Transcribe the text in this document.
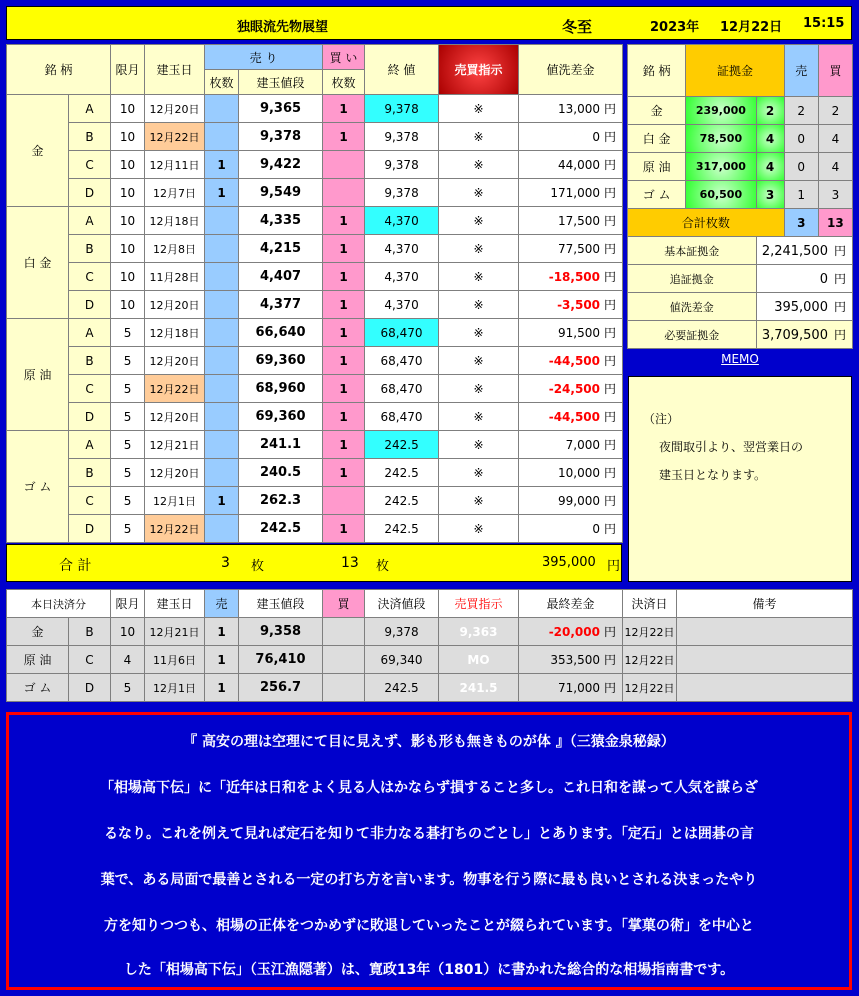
独眼流先物展望	冬至	2023年 12月22日 15:15
銘 柄		限月	建玉日	売 り		買 い	終 値	売買指示	値洗差金
				枚数	建玉値段	枚数			
金	A	10	12月20日		9,365	1	9,378	※	13,000 円
	B	10	12月22日		9,378	1	9,378	※	0 円
	C	10	12月11日	1	9,422		9,378	※	44,000 円
	D	10	12月7日	1	9,549		9,378	※	171,000 円
白 金	A	10	12月18日		4,335	1	4,370	※	17,500 円
	B	10	12月8日		4,215	1	4,370	※	77,500 円
	C	10	11月28日		4,407	1	4,370	※	-18,500 円
	D	10	12月20日		4,377	1	4,370	※	-3,500 円
原 油	A	5	12月18日		66,640	1	68,470	※	91,500 円
	B	5	12月20日		69,360	1	68,470	※	-44,500 円
	C	5	12月22日		68,960	1	68,470	※	-24,500 円
	D	5	12月20日		69,360	1	68,470	※	-44,500 円
ゴ ム	A	5	12月21日		241.1	1	242.5	※	7,000 円
	B	5	12月20日		240.5	1	242.5	※	10,000 円
	C	5	12月1日	1	262.3		242.5	※	99,000 円
	D	5	12月22日		242.5	1	242.5	※	0 円
合 計	3 枚	13 枚	395,000 円
銘 柄	証拠金		売	買
金	239,000	2	2	2
白 金	78,500	4	0	4
原 油	317,000	4	0	4
ゴ ム	60,500	3	1	3
合計枚数			3	13
基本証拠金		2,241,500 円		
追証拠金		0 円		
値洗差金		395,000 円		
必要証拠金		3,709,500 円		
MEMO
（注）
夜間取引より、翌営業日の
建玉日となります。
本日決済分		限月	建玉日	売	建玉値段	買	決済値段	売買指示	最終差金	決済日	備考
金	B	10	12月21日	1	9,358		9,378	9,363	-20,000 円	12月22日	
原 油	C	4	11月6日	1	76,410		69,340	MO	353,500 円	12月22日	
ゴ ム	D	5	12月1日	1	256.7		242.5	241.5	71,000 円	12月22日	
『 高安の理は空理にて目に見えず、影も形も無きものが体 』（三猿金泉秘録）
「相場高下伝」に「近年は日和をよく見る人はかならず損すること多し。これ日和を謀って人気を謀らざ
るなり。これを例えて見れば定石を知りて非力なる碁打ちのごとし」とあります。「定石」とは囲碁の言
葉で、ある局面で最善とされる一定の打ち方を言います。物事を行う際に最も良いとされる決まったやり
方を知りつつも、相場の正体をつかめずに敗退していったことが綴られています。「掌菓の術」を中心と
した「相場高下伝」（玉江漁隠著）は、寛政13年（1801）に書かれた総合的な相場指南書です。
